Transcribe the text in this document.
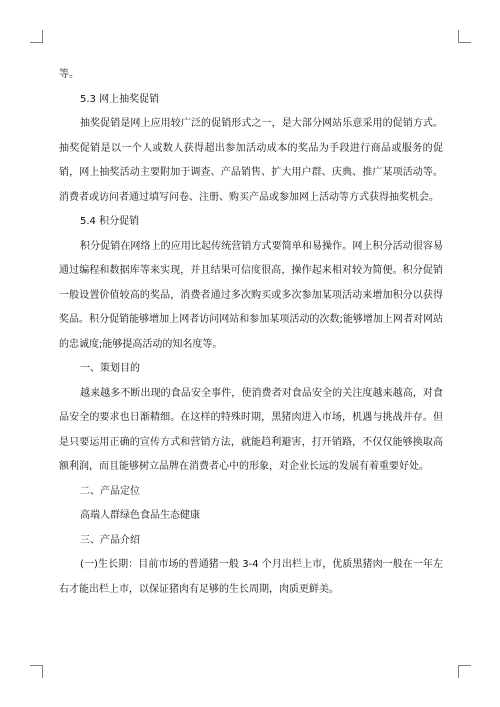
等。

5.3 网上抽奖促销

抽奖促销是网上应用较广泛的促销形式之一，是大部分网站乐意采用的促销方式。抽奖促销是以一个人或数人获得超出参加活动成本的奖品为手段进行商品或服务的促销，网上抽奖活动主要附加于调查、产品销售、扩大用户群、庆典、推广某项活动等。消费者或访问者通过填写问卷、注册、购买产品或参加网上活动等方式获得抽奖机会。

5.4 积分促销

积分促销在网络上的应用比起传统营销方式要简单和易操作。网上积分活动很容易通过编程和数据库等来实现，并且结果可信度很高，操作起来相对较为简便。积分促销一般设置价值较高的奖品，消费者通过多次购买或多次参加某项活动来增加积分以获得奖品。积分促销能够增加上网者访问网站和参加某项活动的次数;能够增加上网者对网站的忠诚度;能够提高活动的知名度等。

一、策划目的

越来越多不断出现的食品安全事件，使消费者对食品安全的关注度越来越高，对食品安全的要求也日渐精细。在这样的特殊时期，黑猪肉进入市场，机遇与挑战并存。但是只要运用正确的宣传方式和营销方法，就能趋利避害，打开销路，不仅仅能够换取高额利润，而且能够树立品牌在消费者心中的形象，对企业长远的发展有着重要好处。

二、产品定位

高端人群绿色食品生态健康

三、产品介绍

(一)生长期：目前市场的普通猪一般 3-4 个月出栏上市，优质黑猪肉一般在一年左右才能出栏上市，以保证猪肉有足够的生长周期，肉质更鲜美。
